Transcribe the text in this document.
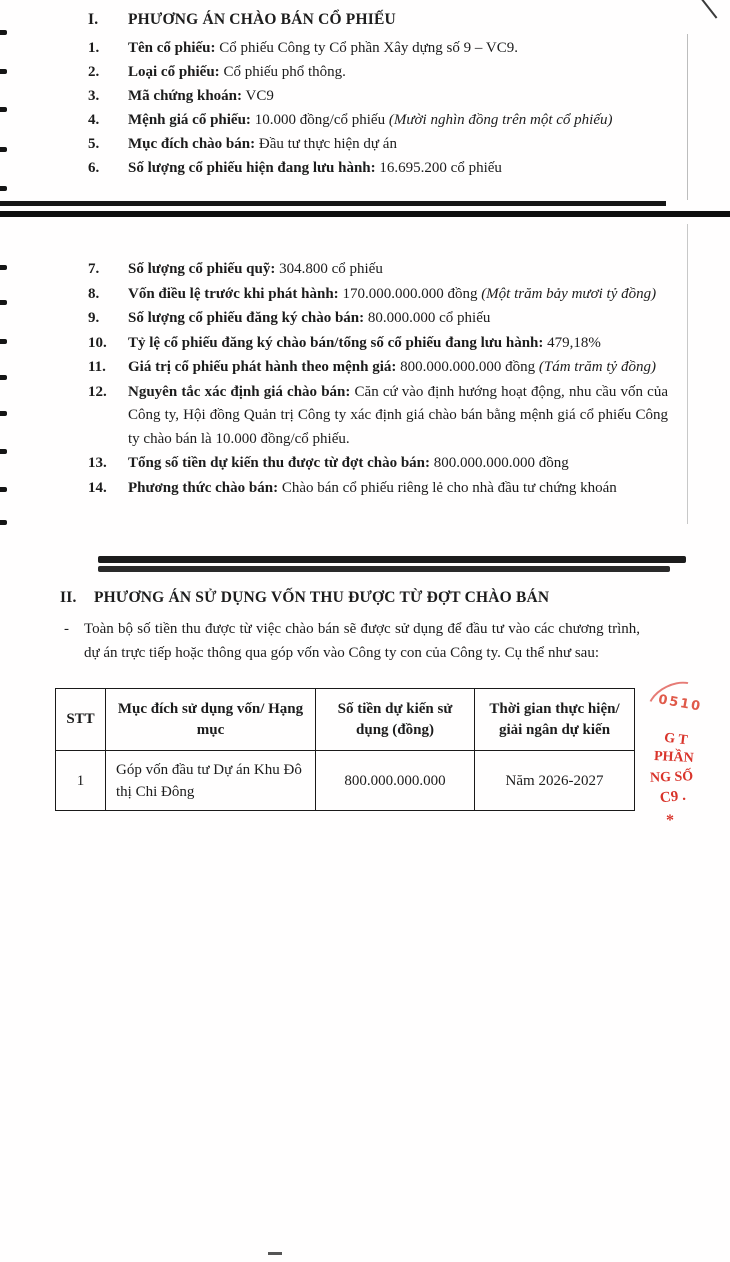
I.	PHƯƠNG ÁN CHÀO BÁN CỔ PHIẾU
1.	Tên cổ phiếu: Cổ phiếu Công ty Cổ phần Xây dựng số 9 – VC9.
2.	Loại cổ phiếu: Cổ phiếu phổ thông.
3.	Mã chứng khoán: VC9
4.	Mệnh giá cổ phiếu: 10.000 đồng/cổ phiếu (Mười nghìn đồng trên một cổ phiếu)
5.	Mục đích chào bán: Đầu tư thực hiện dự án
6.	Số lượng cổ phiếu hiện đang lưu hành: 16.695.200 cổ phiếu
7.	Số lượng cổ phiếu quỹ: 304.800 cổ phiếu
8.	Vốn điều lệ trước khi phát hành: 170.000.000.000 đồng (Một trăm bảy mươi tỷ đồng)
9.	Số lượng cổ phiếu đăng ký chào bán: 80.000.000 cổ phiếu
10.	Tỷ lệ cổ phiếu đăng ký chào bán/tổng số cổ phiếu đang lưu hành: 479,18%
11.	Giá trị cổ phiếu phát hành theo mệnh giá: 800.000.000.000 đồng (Tám trăm tỷ đồng)
12.	Nguyên tắc xác định giá chào bán: Căn cứ vào định hướng hoạt động, nhu cầu vốn của Công ty, Hội đồng Quản trị Công ty xác định giá chào bán bằng mệnh giá cổ phiếu Công ty chào bán là 10.000 đồng/cổ phiếu.
13.	Tổng số tiền dự kiến thu được từ đợt chào bán: 800.000.000.000 đồng
14.	Phương thức chào bán: Chào bán cổ phiếu riêng lẻ cho nhà đầu tư chứng khoán
II.	PHƯƠNG ÁN SỬ DỤNG VỐN THU ĐƯỢC TỪ ĐỢT CHÀO BÁN
-	Toàn bộ số tiền thu được từ việc chào bán sẽ được sử dụng để đầu tư vào các chương trình, dự án trực tiếp hoặc thông qua góp vốn vào Công ty con của Công ty. Cụ thể như sau:
STT	Mục đích sử dụng vốn/ Hạng mục	Số tiền dự kiến sử dụng (đồng)	Thời gian thực hiện/ giải ngân dự kiến
1	Góp vốn đầu tư Dự án Khu Đô thị Chi Đông	800.000.000.000	Năm 2026-2027
0510
G T
PHẦN
NG SỐ
C9 .
*
